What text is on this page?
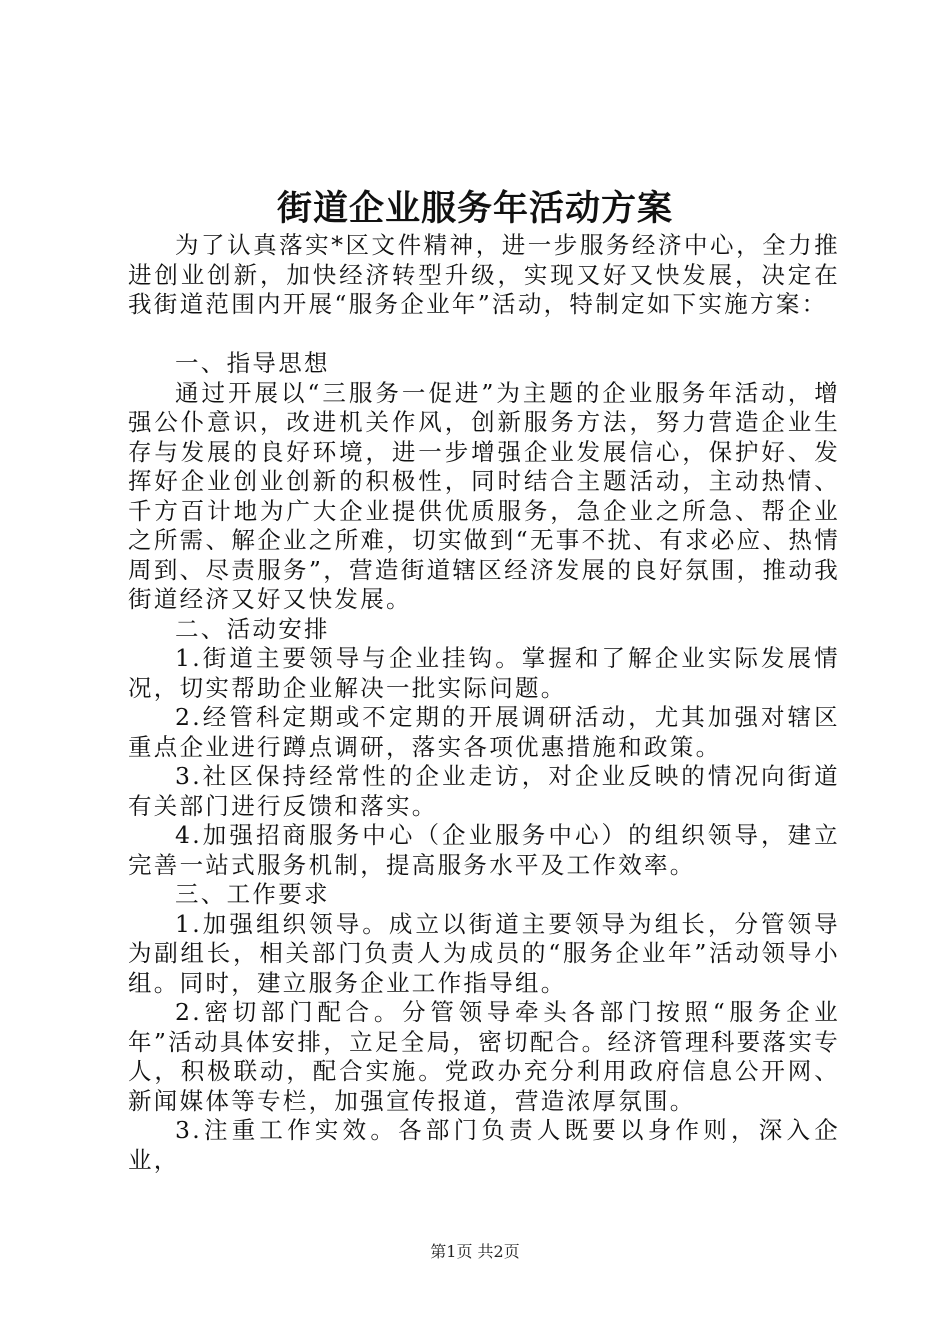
街道企业服务年活动方案

为了认真落实*区文件精神，进一步服务经济中心，全力推进创业创新，加快经济转型升级，实现又好又快发展，决定在我街道范围内开展“服务企业年”活动，特制定如下实施方案：

一、指导思想

通过开展以“三服务一促进”为主题的企业服务年活动，增强公仆意识，改进机关作风，创新服务方法，努力营造企业生存与发展的良好环境，进一步增强企业发展信心，保护好、发挥好企业创业创新的积极性，同时结合主题活动，主动热情、千方百计地为广大企业提供优质服务，急企业之所急、帮企业之所需、解企业之所难，切实做到“无事不扰、有求必应、热情周到、尽责服务”，营造街道辖区经济发展的良好氛围，推动我街道经济又好又快发展。

二、活动安排

1.街道主要领导与企业挂钩。掌握和了解企业实际发展情况，切实帮助企业解决一批实际问题。

2.经管科定期或不定期的开展调研活动，尤其加强对辖区重点企业进行蹲点调研，落实各项优惠措施和政策。

3.社区保持经常性的企业走访，对企业反映的情况向街道有关部门进行反馈和落实。

4.加强招商服务中心（企业服务中心）的组织领导，建立完善一站式服务机制，提高服务水平及工作效率。

三、工作要求

1.加强组织领导。成立以街道主要领导为组长，分管领导为副组长，相关部门负责人为成员的“服务企业年”活动领导小组。同时，建立服务企业工作指导组。

2.密切部门配合。分管领导牵头各部门按照“服务企业年”活动具体安排，立足全局，密切配合。经济管理科要落实专人，积极联动，配合实施。党政办充分利用政府信息公开网、新闻媒体等专栏，加强宣传报道，营造浓厚氛围。

3.注重工作实效。各部门负责人既要以身作则，深入企业，

第1页 共2页
